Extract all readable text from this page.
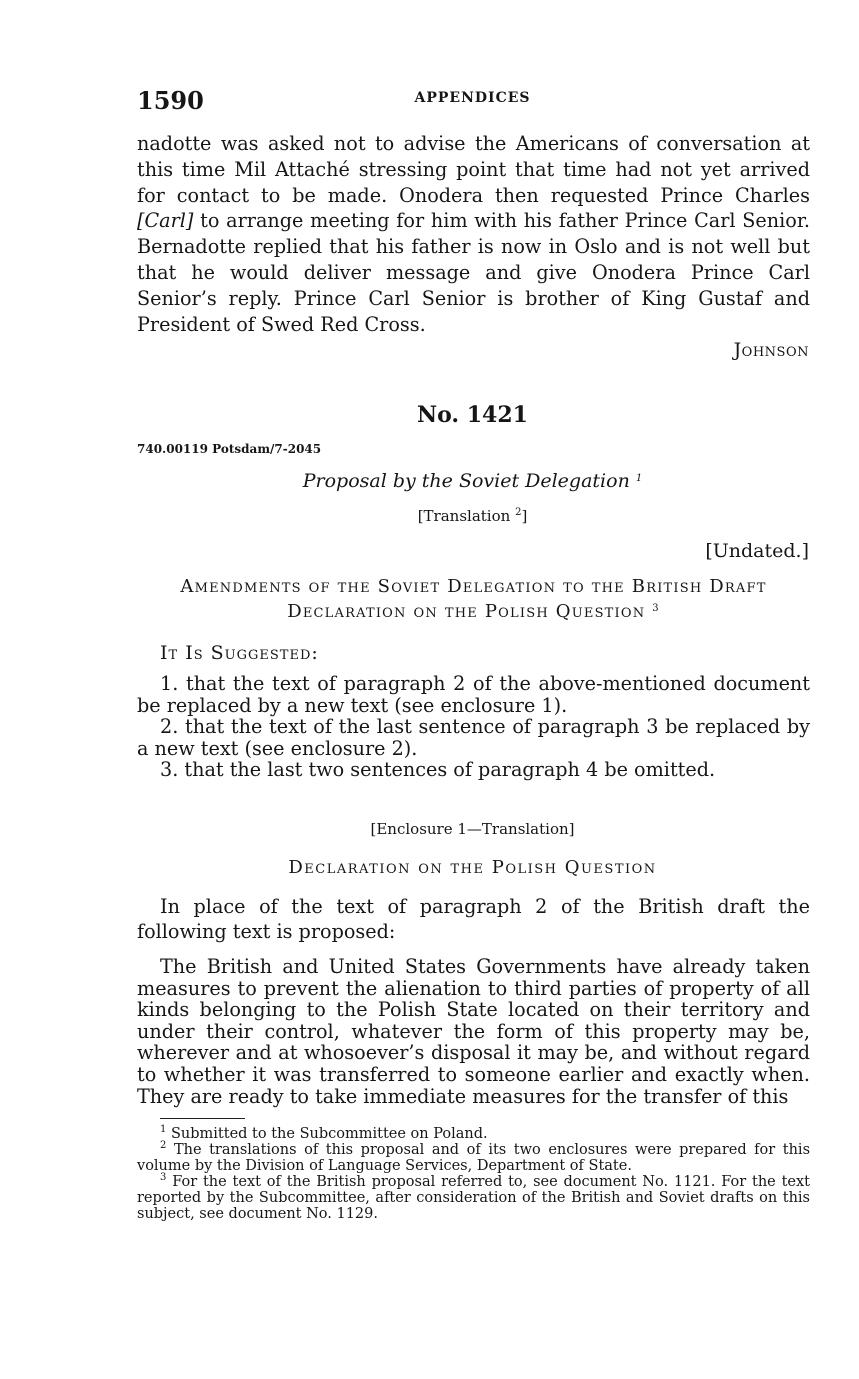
1590	APPENDICES
nadotte was asked not to advise the Americans of conversation at this time Mil Attaché stressing point that time had not yet arrived for contact to be made. Onodera then requested Prince Charles [Carl] to arrange meeting for him with his father Prince Carl Senior. Bernadotte replied that his father is now in Oslo and is not well but that he would deliver message and give Onodera Prince Carl Senior’s reply. Prince Carl Senior is brother of King Gustaf and President of Swed Red Cross.
Johnson
No. 1421
740.00119 Potsdam/7-2045
Proposal by the Soviet Delegation $^1$
[Translation $^2$]
[Undated.]
Amendments of the Soviet Delegation to the British Draft Declaration on the Polish Question $^3$
It Is Suggested:

1. that the text of paragraph 2 of the above-mentioned document be replaced by a new text (see enclosure 1).

2. that the text of the last sentence of paragraph 3 be replaced by a new text (see enclosure 2).

3. that the last two sentences of paragraph 4 be omitted.

[Enclosure 1—Translation]
Declaration on the Polish Question
In place of the text of paragraph 2 of the British draft the following text is proposed:
The British and United States Governments have already taken measures to prevent the alienation to third parties of property of all kinds belonging to the Polish State located on their territory and under their control, whatever the form of this property may be, wherever and at whosoever’s disposal it may be, and without regard to whether it was transferred to someone earlier and exactly when. They are ready to take immediate measures for the transfer of this

$^1$ Submitted to the Subcommittee on Poland.

$^2$ The translations of this proposal and of its two enclosures were prepared for this volume by the Division of Language Services, Department of State.

$^3$ For the text of the British proposal referred to, see document No. 1121. For the text reported by the Subcommittee, after consideration of the British and Soviet drafts on this subject, see document No. 1129.
